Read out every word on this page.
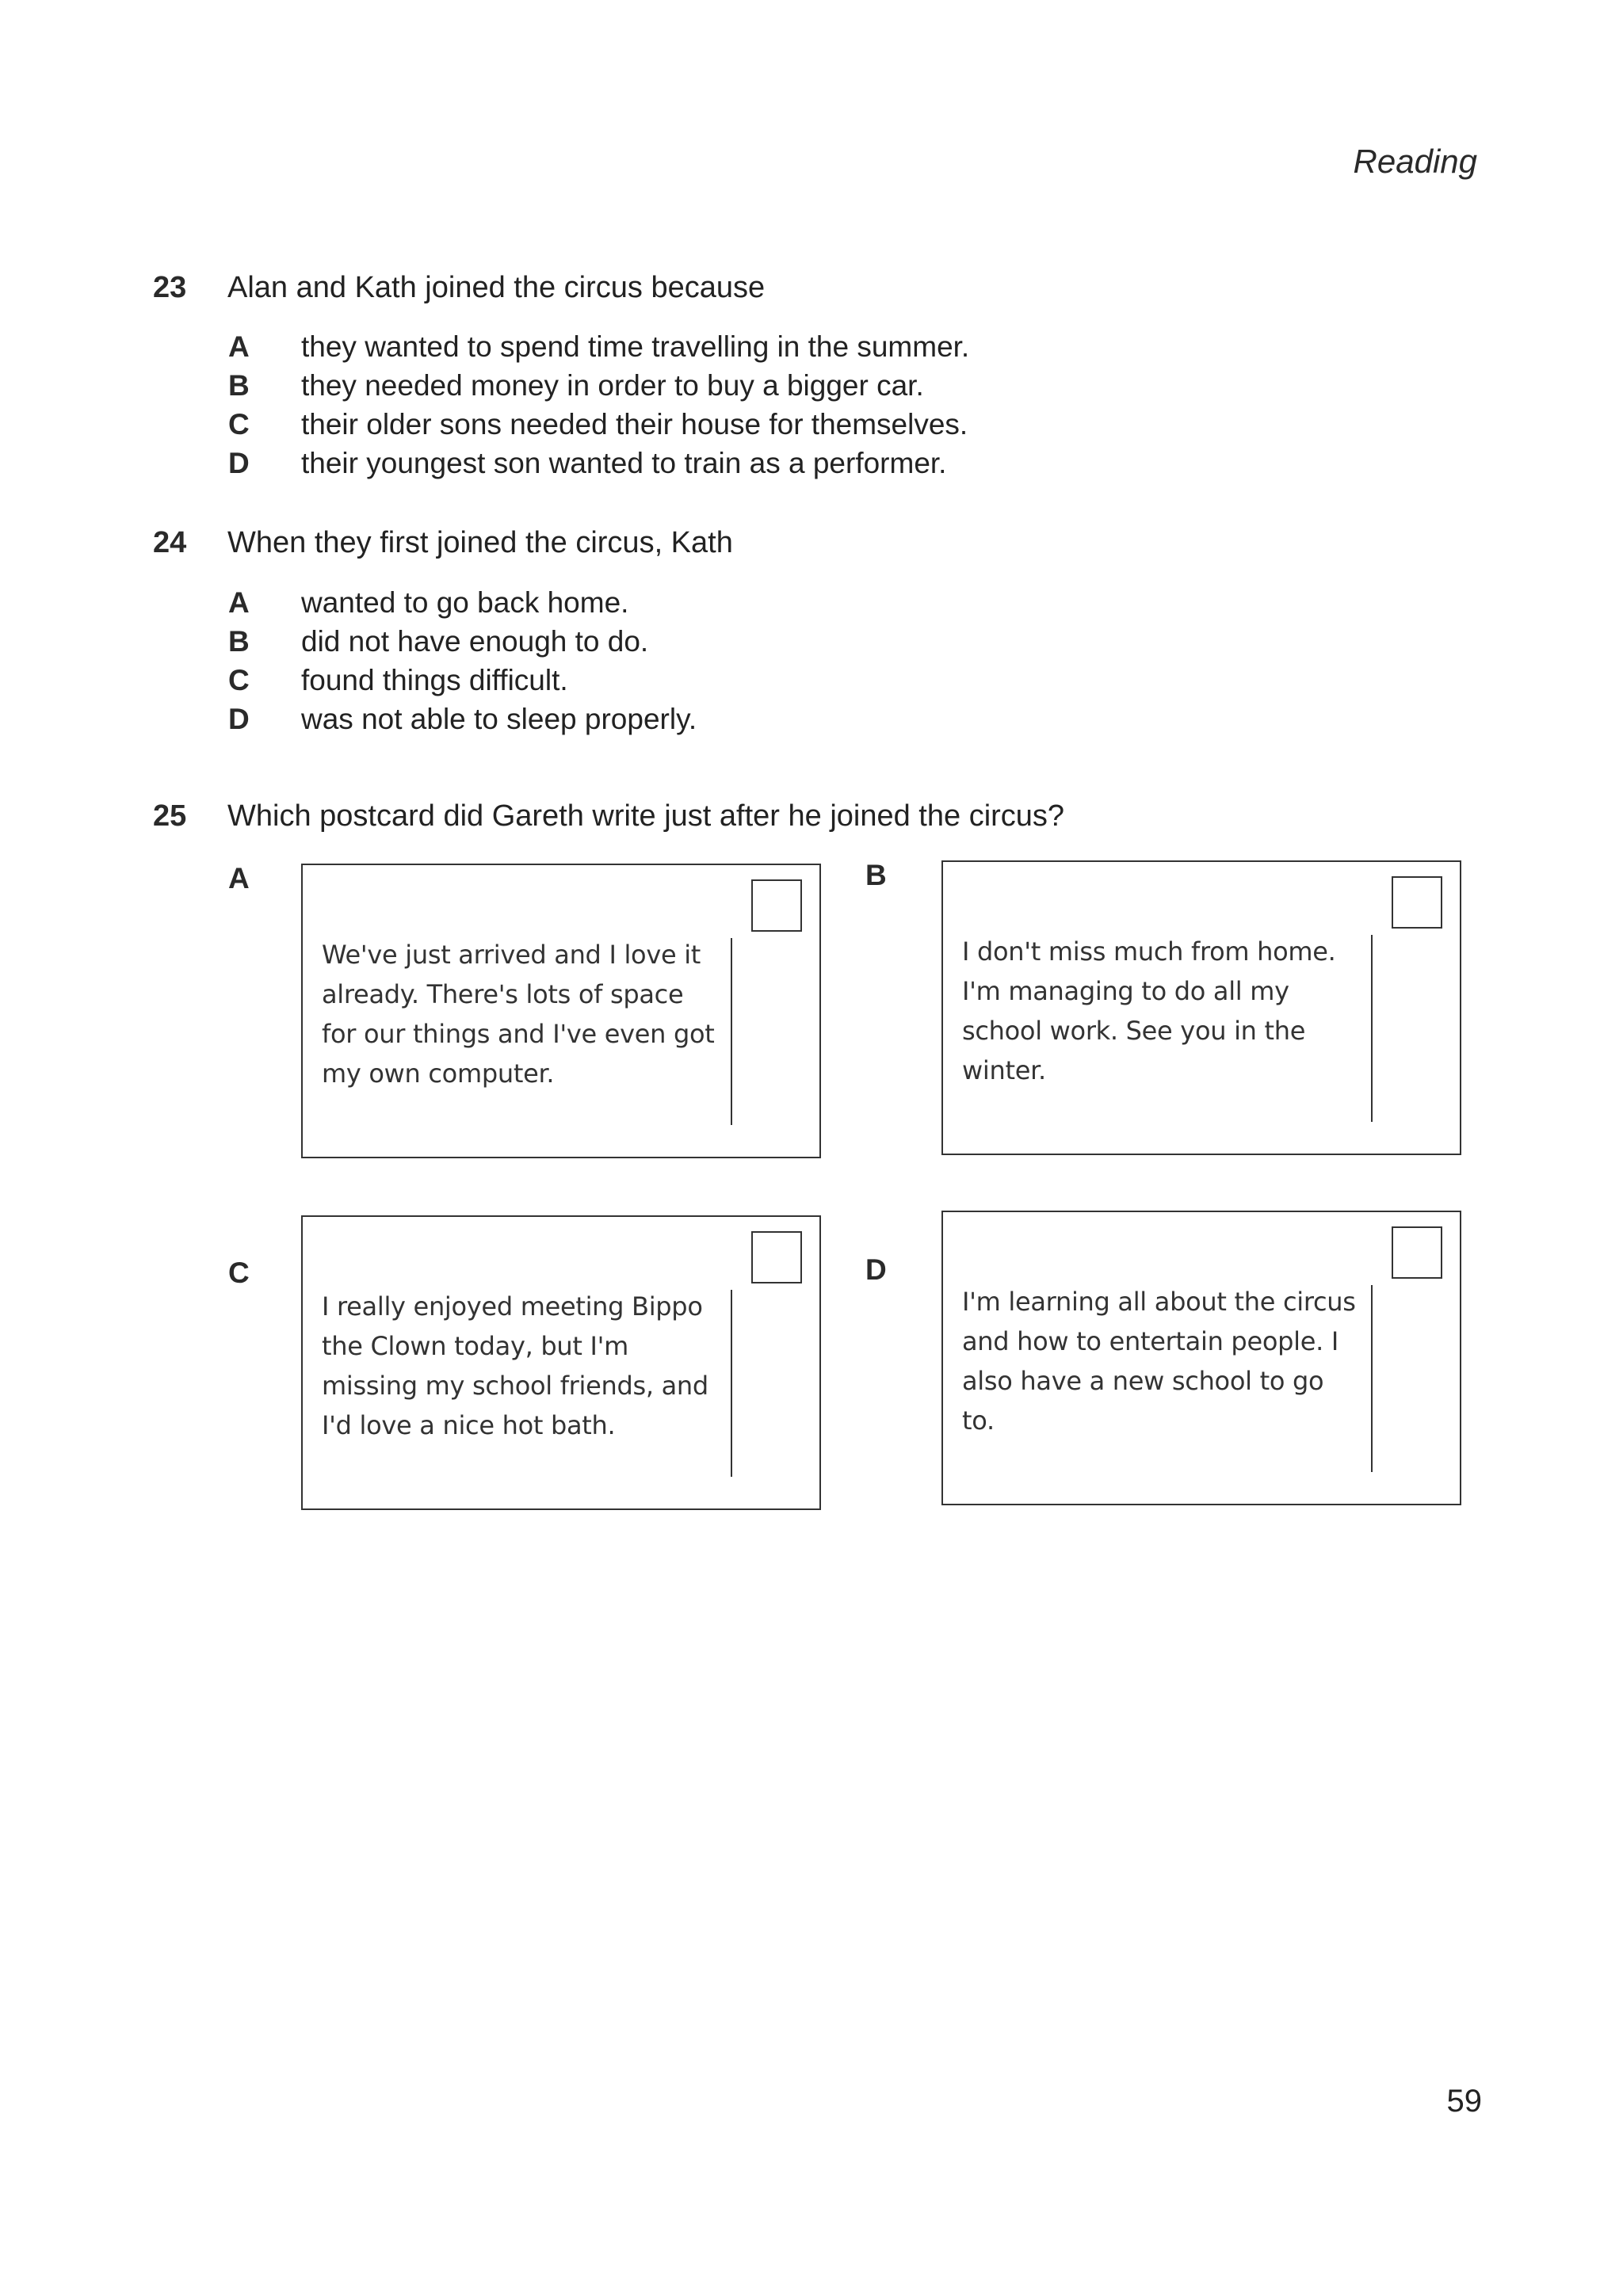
Reading
23 Alan and Kath joined the circus because
A they wanted to spend time travelling in the summer.
B they needed money in order to buy a bigger car.
C their older sons needed their house for themselves.
D their youngest son wanted to train as a performer.
24 When they first joined the circus, Kath
A wanted to go back home.
B did not have enough to do.
C found things difficult.
D was not able to sleep properly.
25 Which postcard did Gareth write just after he joined the circus?
A
We've just arrived and I love it already. There's lots of space for our things and I've even got my own computer.
B
I don't miss much from home. I'm managing to do all my school work. See you in the winter.
C
I really enjoyed meeting Bippo the Clown today, but I'm missing my school friends, and I'd love a nice hot bath.
D
I'm learning all about the circus and how to entertain people. I also have a new school to go to.
59
